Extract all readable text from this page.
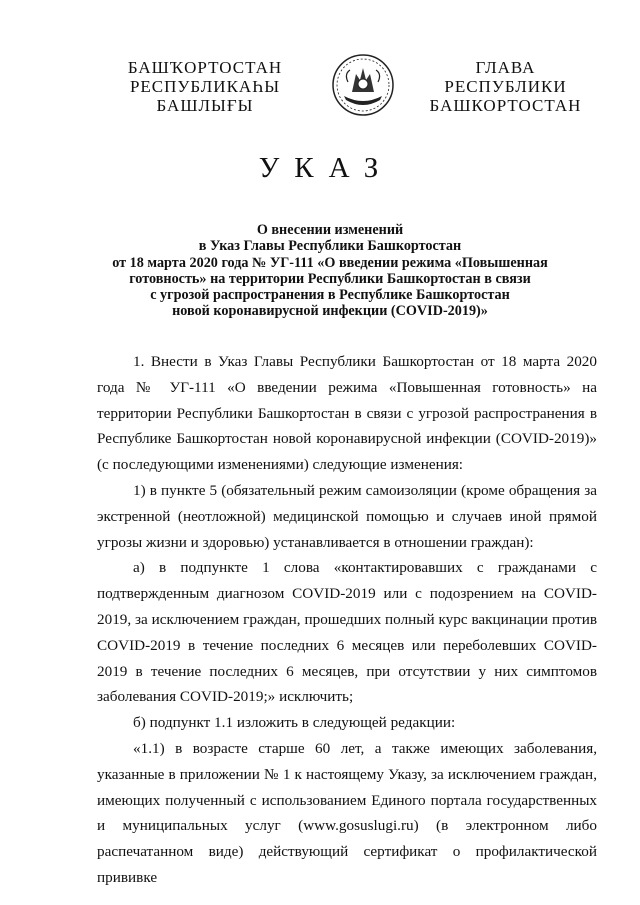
БАШҠОРТОСТАН
РЕСПУБЛИКАҺЫ
БАШЛЫҒЫ
ГЛАВА
РЕСПУБЛИКИ
БАШКОРТОСТАН
УКАЗ
О внесении изменений
в Указ Главы Республики Башкортостан
от 18 марта 2020 года № УГ-111 «О введении режима «Повышенная
готовность» на территории Республики Башкортостан в связи
с угрозой распространения в Республике Башкортостан
новой коронавирусной инфекции (COVID-2019)»

1. Внести в Указ Главы Республики Башкортостан от 18 марта 2020 года № УГ-111 «О введении режима «Повышенная готовность» на территории Республики Башкортостан в связи с угрозой распространения в Республике Башкортостан новой коронавирусной инфекции (COVID-2019)» (с последующими изменениями) следующие изменения:

1) в пункте 5 (обязательный режим самоизоляции (кроме обращения за экстренной (неотложной) медицинской помощью и случаев иной прямой угрозы жизни и здоровью) устанавливается в отношении граждан):

а) в подпункте 1 слова «контактировавших с гражданами с подтвержденным диагнозом COVID-2019 или с подозрением на COVID-2019, за исключением граждан, прошедших полный курс вакцинации против COVID-2019 в течение последних 6 месяцев или переболевших COVID-2019 в течение последних 6 месяцев, при отсутствии у них симптомов заболевания COVID-2019;» исключить;

б) подпункт 1.1 изложить в следующей редакции:

«1.1) в возрасте старше 60 лет, а также имеющих заболевания, указанные в приложении № 1 к настоящему Указу, за исключением граждан, имеющих полученный с использованием Единого портала государственных и муниципальных услуг (www.gosuslugi.ru) (в электронном либо распечатанном виде) действующий сертификат о профилактической прививке
